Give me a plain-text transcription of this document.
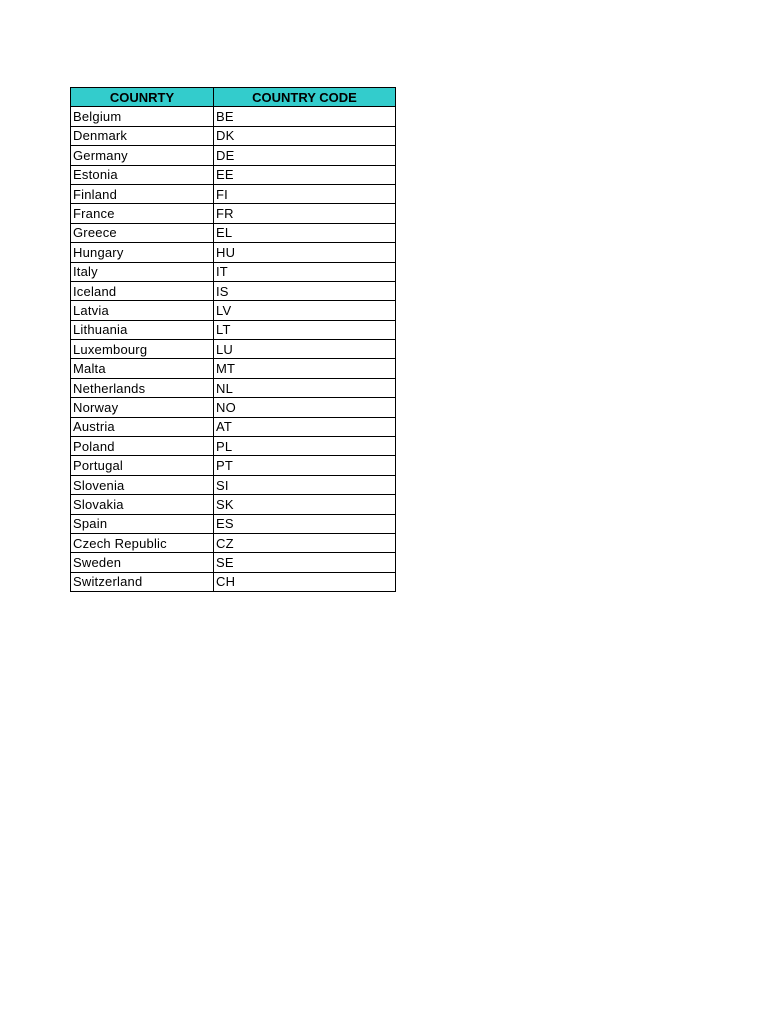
COUNRTY	COUNTRY CODE
Belgium	BE
Denmark	DK
Germany	DE
Estonia	EE
Finland	FI
France	FR
Greece	EL
Hungary	HU
Italy	IT
Iceland	IS
Latvia	LV
Lithuania	LT
Luxembourg	LU
Malta	MT
Netherlands	NL
Norway	NO
Austria	AT
Poland	PL
Portugal	PT
Slovenia	SI
Slovakia	SK
Spain	ES
Czech Republic	CZ
Sweden	SE
Switzerland	CH
